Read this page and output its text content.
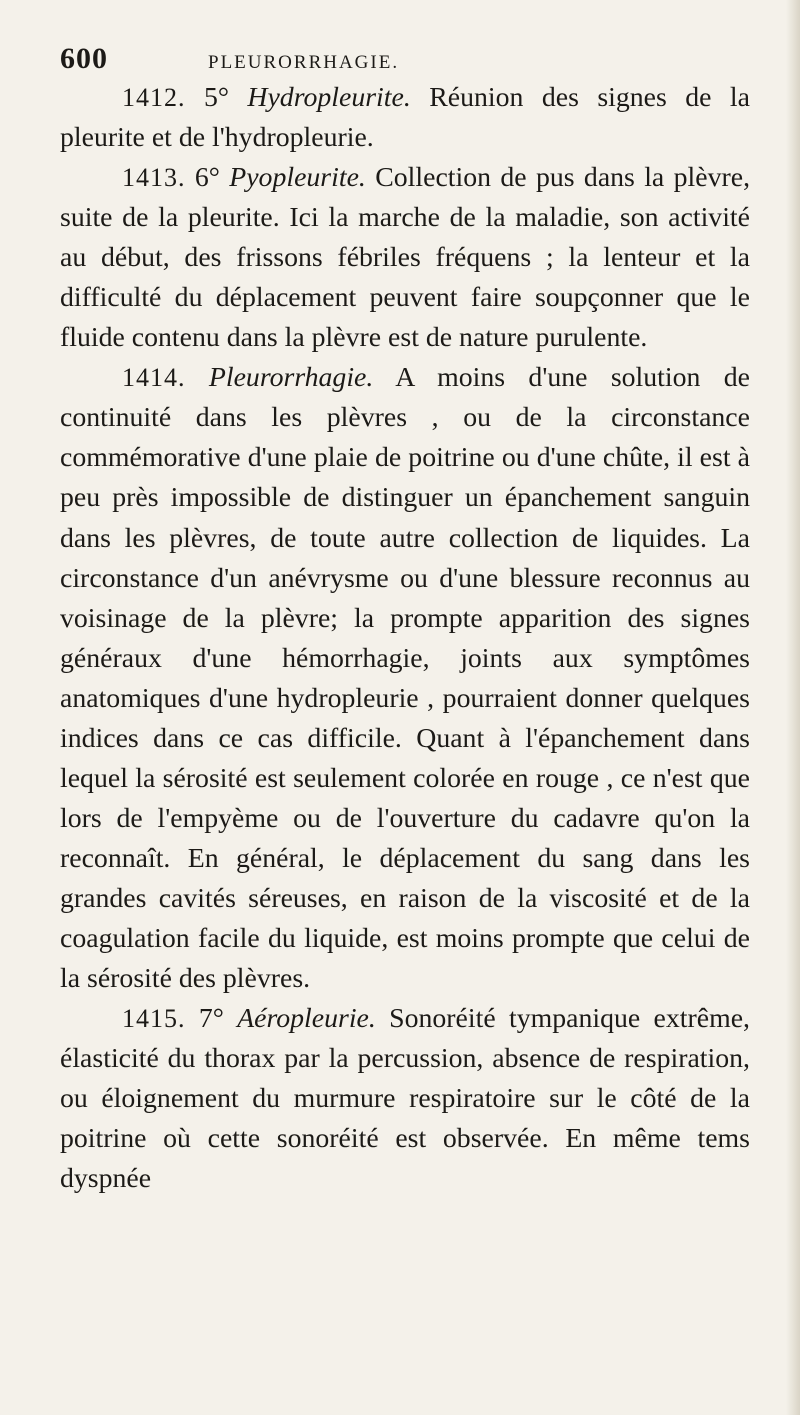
600	PLEURORRHAGIE.

1412. 5° Hydropleurite. Réunion des signes de la pleurite et de l'hydropleurie.

1413. 6° Pyopleurite. Collection de pus dans la plèvre, suite de la pleurite. Ici la marche de la maladie, son activité au début, des frissons fébriles fréquens ; la lenteur et la difficulté du déplacement peuvent faire soupçonner que le fluide contenu dans la plèvre est de nature purulente.

1414. Pleurorrhagie. A moins d'une solution de continuité dans les plèvres , ou de la circonstance commémorative d'une plaie de poitrine ou d'une chûte, il est à peu près impossible de distinguer un épanchement sanguin dans les plèvres, de toute autre collection de liquides. La circonstance d'un anévrysme ou d'une blessure reconnus au voisinage de la plèvre; la prompte apparition des signes généraux d'une hémorrhagie, joints aux symptômes anatomiques d'une hydropleurie , pourraient donner quelques indices dans ce cas difficile. Quant à l'épanchement dans lequel la sérosité est seulement colorée en rouge , ce n'est que lors de l'empyème ou de l'ouverture du cadavre qu'on la reconnaît. En général, le déplacement du sang dans les grandes cavités séreuses, en raison de la viscosité et de la coagulation facile du liquide, est moins prompte que celui de la sérosité des plèvres.

1415. 7° Aéropleurie. Sonoréité tympanique extrême, élasticité du thorax par la percussion, absence de respiration, ou éloignement du murmure respiratoire sur le côté de la poitrine où cette sonoréité est observée. En même tems dyspnée
